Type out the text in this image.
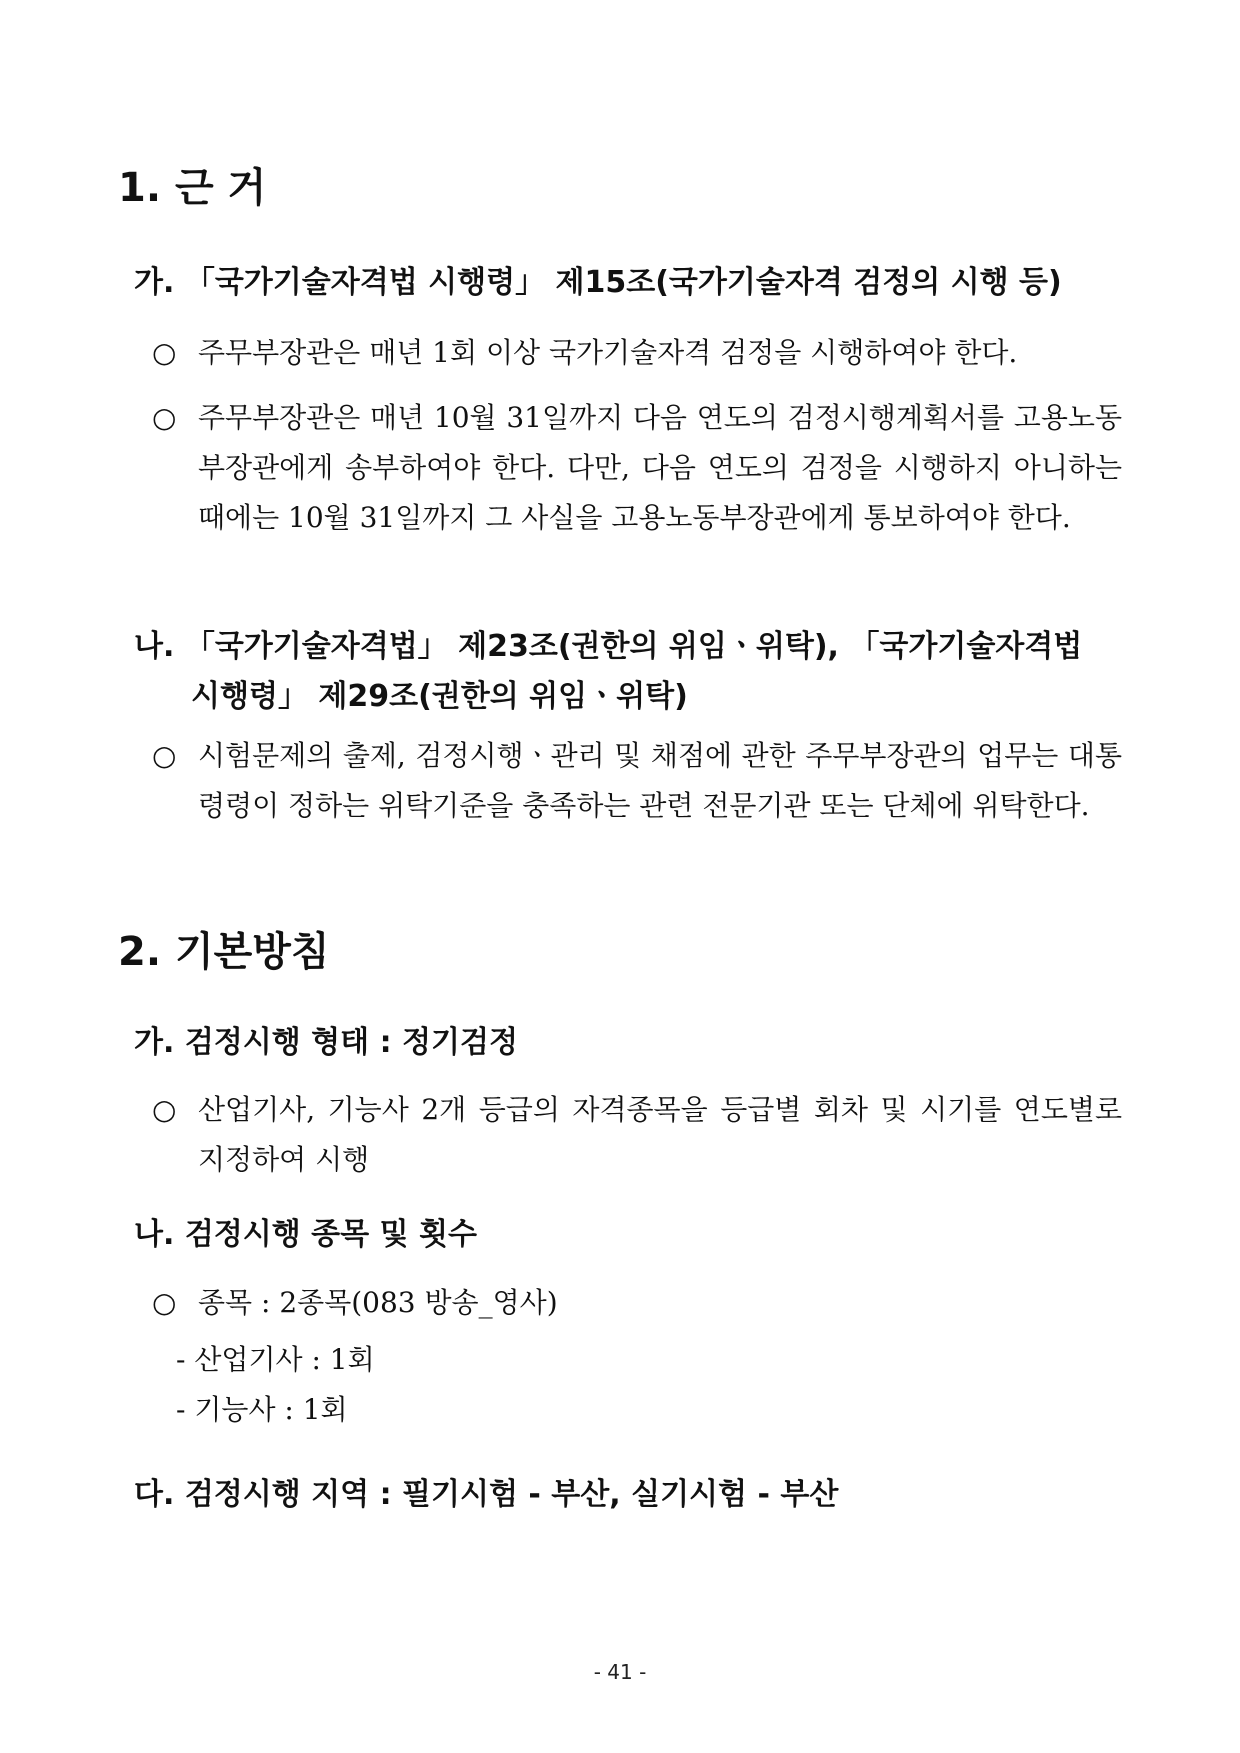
1. 근 거
가. 「국가기술자격법 시행령」 제15조(국가기술자격 검정의 시행 등)
○ 주무부장관은 매년 1회 이상 국가기술자격 검정을 시행하여야 한다.
○ 주무부장관은 매년 10월 31일까지 다음 연도의 검정시행계획서를 고용노동부장관에게 송부하여야 한다. 다만, 다음 연도의 검정을 시행하지 아니하는 때에는 10월 31일까지 그 사실을 고용노동부장관에게 통보하여야 한다.
나. 「국가기술자격법」 제23조(권한의 위임ㆍ위탁), 「국가기술자격법
시행령」 제29조(권한의 위임ㆍ위탁)
○ 시험문제의 출제, 검정시행ㆍ관리 및 채점에 관한 주무부장관의 업무는 대통령령이 정하는 위탁기준을 충족하는 관련 전문기관 또는 단체에 위탁한다.
2. 기본방침
가. 검정시행 형태 : 정기검정
○ 산업기사, 기능사 2개 등급의 자격종목을 등급별 회차 및 시기를 연도별로 지정하여 시행
나. 검정시행 종목 및 횟수
○ 종목 : 2종목(083 방송_영사)
- 산업기사 : 1회
- 기능사 : 1회
다. 검정시행 지역 : 필기시험 - 부산, 실기시험 - 부산
- 41 -
